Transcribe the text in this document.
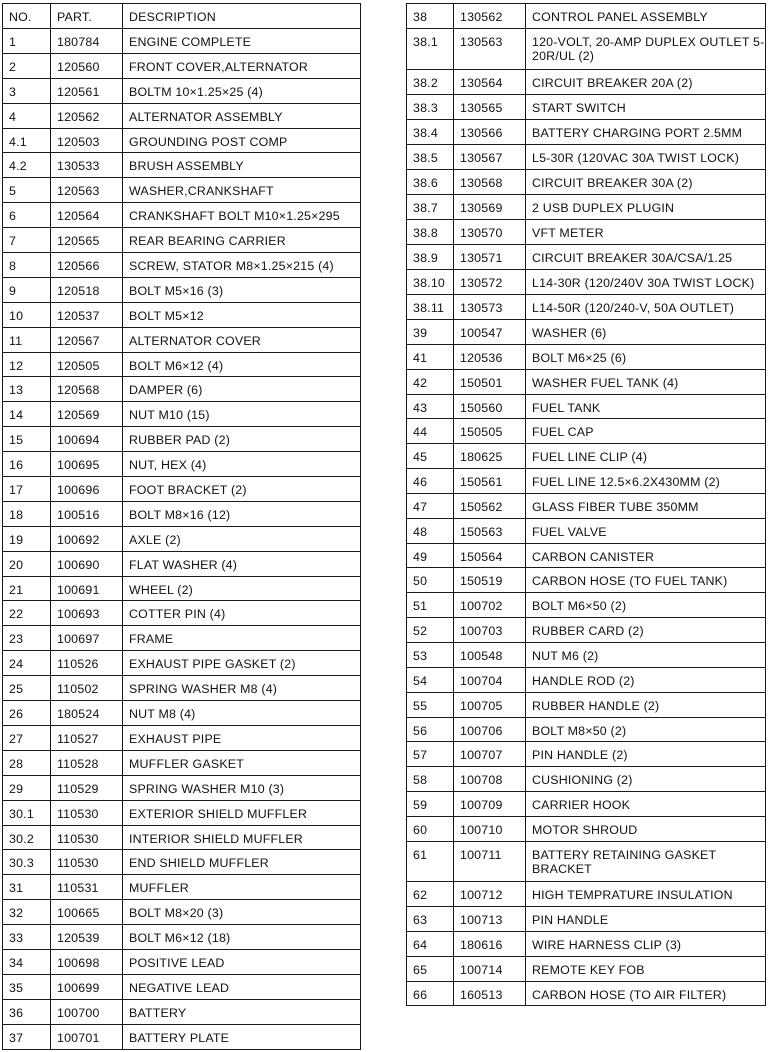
NO.	PART.	DESCRIPTION

1	180784	ENGINE COMPLETE

2	120560	FRONT COVER,ALTERNATOR

3	120561	BOLTM 10×1.25×25 (4)

4	120562	ALTERNATOR ASSEMBLY

4.1	120503	GROUNDING POST COMP

4.2	130533	BRUSH ASSEMBLY

5	120563	WASHER,CRANKSHAFT

6	120564	CRANKSHAFT BOLT M10×1.25×295

7	120565	REAR BEARING CARRIER

8	120566	SCREW, STATOR M8×1.25×215 (4)

9	120518	BOLT M5×16 (3)

10	120537	BOLT M5×12

11	120567	ALTERNATOR COVER

12	120505	BOLT M6×12 (4)

13	120568	DAMPER (6)

14	120569	NUT M10 (15)

15	100694	RUBBER PAD (2)

16	100695	NUT, HEX (4)

17	100696	FOOT BRACKET (2)

18	100516	BOLT M8×16 (12)

19	100692	AXLE (2)

20	100690	FLAT WASHER (4)

21	100691	WHEEL (2)

22	100693	COTTER PIN (4)

23	100697	FRAME

24	110526	EXHAUST PIPE GASKET (2)

25	110502	SPRING WASHER M8 (4)

26	180524	NUT M8 (4)

27	110527	EXHAUST PIPE

28	110528	MUFFLER GASKET

29	110529	SPRING WASHER M10 (3)

30.1	110530	EXTERIOR SHIELD MUFFLER

30.2	110530	INTERIOR SHIELD MUFFLER

30.3	110530	END SHIELD MUFFLER

31	110531	MUFFLER

32	100665	BOLT M8×20 (3)

33	120539	BOLT M6×12 (18)

34	100698	POSITIVE LEAD

35	100699	NEGATIVE LEAD

36	100700	BATTERY

37	100701	BATTERY PLATE
38	130562	CONTROL PANEL ASSEMBLY

38.1	130563	120-VOLT, 20-AMP DUPLEX OUTLET 5-20R/UL (2)

38.2	130564	CIRCUIT BREAKER 20A (2)

38.3	130565	START SWITCH

38.4	130566	BATTERY CHARGING PORT 2.5MM

38.5	130567	L5-30R (120VAC 30A TWIST LOCK)

38.6	130568	CIRCUIT BREAKER 30A (2)

38.7	130569	2 USB DUPLEX PLUGIN

38.8	130570	VFT METER

38.9	130571	CIRCUIT BREAKER 30A/CSA/1.25

38.10	130572	L14-30R (120/240V 30A TWIST LOCK)

38.11	130573	L14-50R (120/240-V, 50A OUTLET)

39	100547	WASHER (6)

41	120536	BOLT M6×25 (6)

42	150501	WASHER FUEL TANK (4)

43	150560	FUEL TANK

44	150505	FUEL CAP

45	180625	FUEL LINE CLIP (4)

46	150561	FUEL LINE 12.5×6.2X430MM (2)

47	150562	GLASS FIBER TUBE 350MM

48	150563	FUEL VALVE

49	150564	CARBON CANISTER

50	150519	CARBON HOSE (TO FUEL TANK)

51	100702	BOLT M6×50 (2)

52	100703	RUBBER CARD (2)

53	100548	NUT M6 (2)

54	100704	HANDLE ROD (2)

55	100705	RUBBER HANDLE (2)

56	100706	BOLT M8×50 (2)

57	100707	PIN HANDLE (2)

58	100708	CUSHIONING (2)

59	100709	CARRIER HOOK

60	100710	MOTOR SHROUD

61	100711	BATTERY RETAINING GASKET BRACKET

62	100712	HIGH TEMPRATURE INSULATION

63	100713	PIN HANDLE

64	180616	WIRE HARNESS CLIP (3)

65	100714	REMOTE KEY FOB

66	160513	CARBON HOSE (TO AIR FILTER)
